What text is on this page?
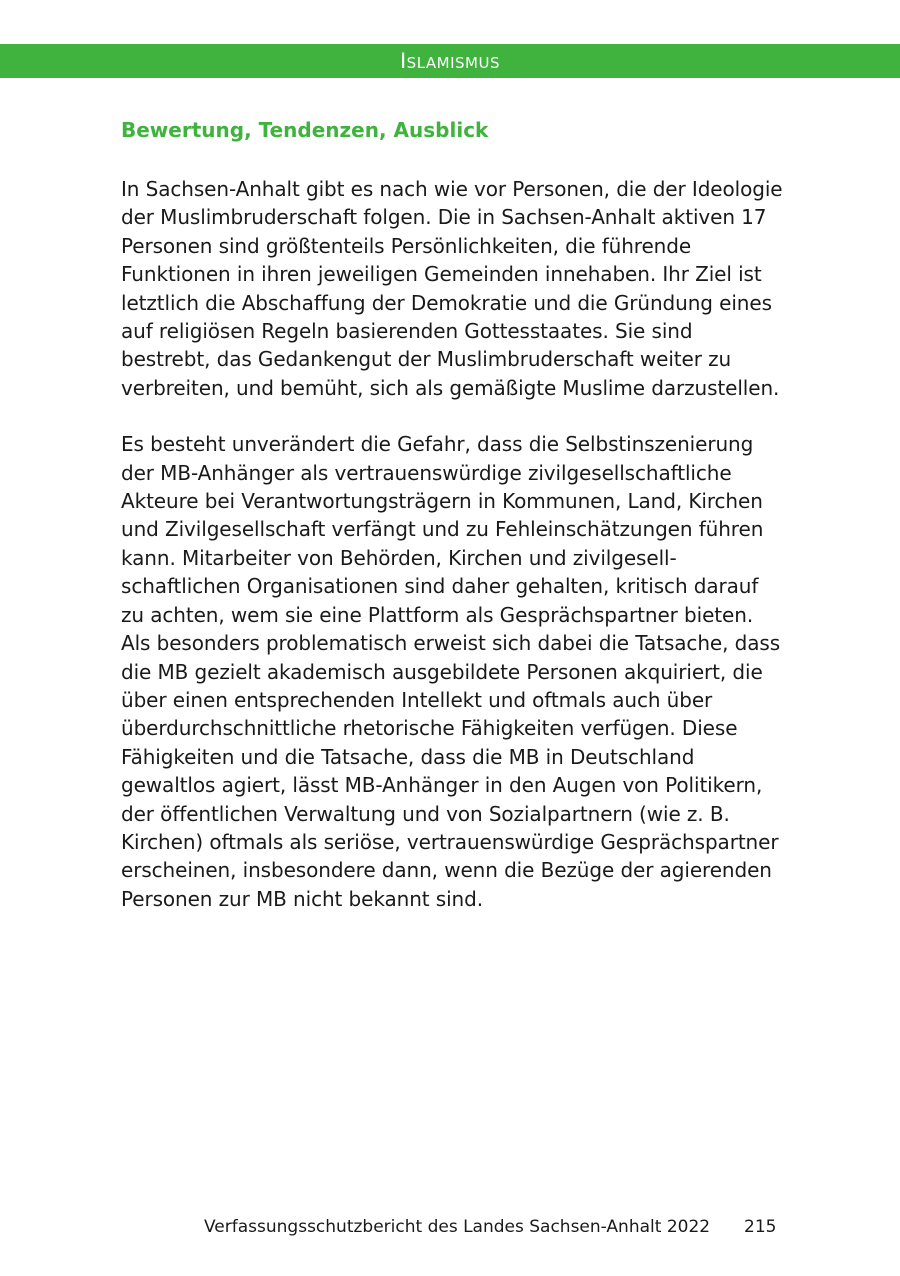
Islamismus
Bewertung, Tendenzen, Ausblick

In Sachsen-Anhalt gibt es nach wie vor Personen, die der Ideologie der Muslimbruderschaft folgen. Die in Sachsen-Anhalt aktiven 17 Personen sind größtenteils Persönlichkeiten, die führende Funktionen in ihren jeweiligen Gemeinden innehaben. Ihr Ziel ist letztlich die Abschaffung der Demokratie und die Gründung eines auf religiösen Regeln basierenden Gottesstaates. Sie sind bestrebt, das Gedankengut der Muslimbruderschaft weiter zu verbreiten, und bemüht, sich als gemäßigte Muslime darzustellen.

Es besteht unverändert die Gefahr, dass die Selbstinszenierung der MB-Anhänger als vertrauenswürdige zivilgesellschaftliche Akteure bei Verantwortungsträgern in Kommunen, Land, Kirchen und Zivilgesellschaft verfängt und zu Fehleinschätzungen führen kann. Mitarbeiter von Behörden, Kirchen und zivilgesellschaftlichen Organisationen sind daher gehalten, kritisch darauf zu achten, wem sie eine Plattform als Gesprächspartner bieten. Als besonders problematisch erweist sich dabei die Tatsache, dass die MB gezielt akademisch ausgebildete Personen akquiriert, die über einen entsprechenden Intellekt und oftmals auch über überdurchschnittliche rhetorische Fähigkeiten verfügen. Diese Fähigkeiten und die Tatsache, dass die MB in Deutschland gewaltlos agiert, lässt MB-Anhänger in den Augen von Politikern, der öffentlichen Verwaltung und von Sozialpartnern (wie z. B. Kirchen) oftmals als seriöse, vertrauenswürdige Gesprächspartner erscheinen, insbesondere dann, wenn die Bezüge der agierenden Personen zur MB nicht bekannt sind.

Verfassungsschutzbericht des Landes Sachsen-Anhalt 2022 215
